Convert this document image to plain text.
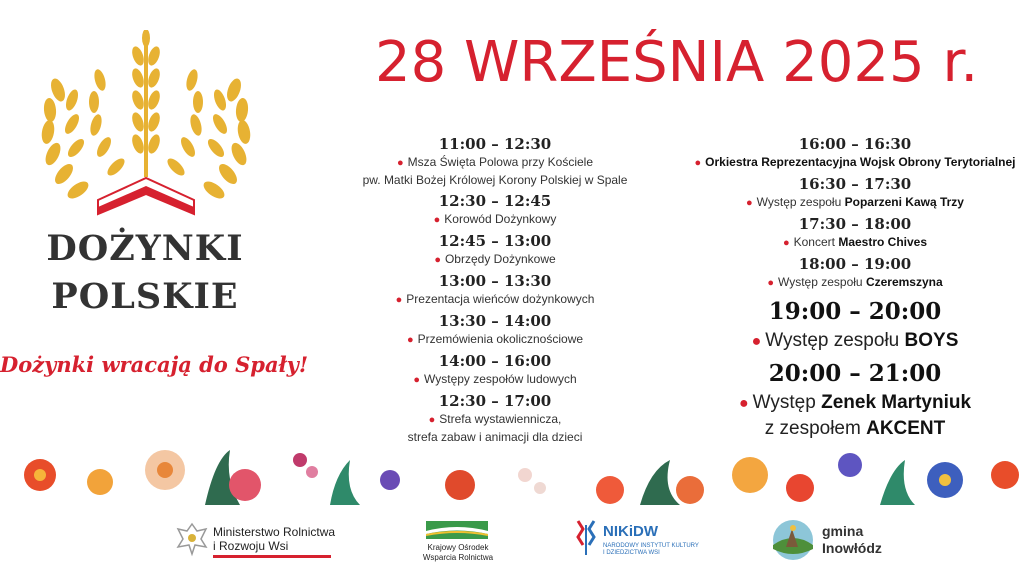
DOŻYNKI
POLSKIE
Dożynki wracają do Spały!
28 WRZEŚNIA 2025 r.
11:00 – 12:30
● Msza Święta Polowa przy Kościele
pw. Matki Bożej Królowej Korony Polskiej w Spale
12:30 – 12:45
● Korowód Dożynkowy
12:45 – 13:00
● Obrzędy Dożynkowe
13:00 – 13:30
● Prezentacja wieńców dożynkowych
13:30 – 14:00
● Przemówienia okolicznościowe
14:00 – 16:00
● Występy zespołów ludowych
12:30 – 17:00
● Strefa wystawiennicza,
strefa zabaw i animacji dla dzieci
16:00 – 16:30
● Orkiestra Reprezentacyjna Wojsk Obrony Terytorialnej
16:30 – 17:30
● Występ zespołu Poparzeni Kawą Trzy
17:30 – 18:00
● Koncert Maestro Chives
18:00 – 19:00
● Występ zespołu Czeremszyna
19:00 – 20:00
● Występ zespołu BOYS
20:00 – 21:00
● Występ Zenek Martyniuk
z zespołem AKCENT
Ministerstwo Rolnictwa
i Rozwoju Wsi	Krajowy Ośrodek
Wsparcia Rolnictwa
NIKiDW
NARODOWY INSTYTUT KULTURY
I DZIEDZICTWA WSI
gmina
Inowłódz
